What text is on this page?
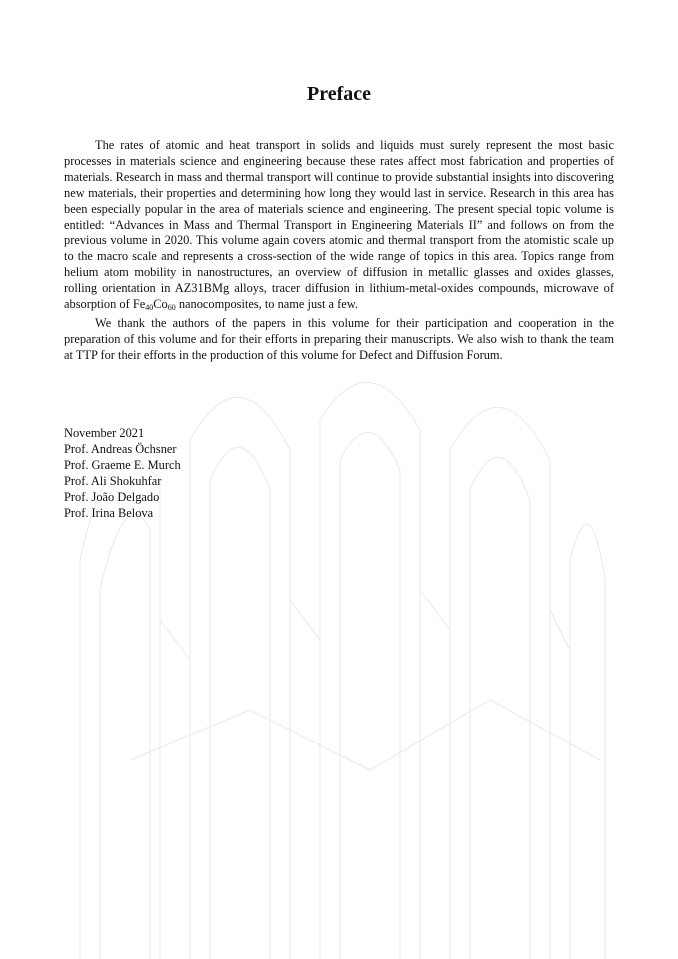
Preface

The rates of atomic and heat transport in solids and liquids must surely represent the most basic processes in materials science and engineering because these rates affect most fabrication and properties of materials. Research in mass and thermal transport will continue to provide substantial insights into discovering new materials, their properties and determining how long they would last in service. Research in this area has been especially popular in the area of materials science and engineering. The present special topic volume is entitled: “Advances in Mass and Thermal Transport in Engineering Materials II” and follows on from the previous volume in 2020. This volume again covers atomic and thermal transport from the atomistic scale up to the macro scale and represents a cross-section of the wide range of topics in this area. Topics range from helium atom mobility in nanostructures, an overview of diffusion in metallic glasses and oxides glasses, rolling orientation in AZ31BMg alloys, tracer diffusion in lithium-metal-oxides compounds, microwave of absorption of $Fe_{40}Co_{60}$ nanocomposites, to name just a few.

We thank the authors of the papers in this volume for their participation and cooperation in the preparation of this volume and for their efforts in preparing their manuscripts. We also wish to thank the team at TTP for their efforts in the production of this volume for Defect and Diffusion Forum.

November 2021
Prof. Andreas Öchsner
Prof. Graeme E. Murch
Prof. Ali Shokuhfar
Prof. João Delgado
Prof. Irina Belova
